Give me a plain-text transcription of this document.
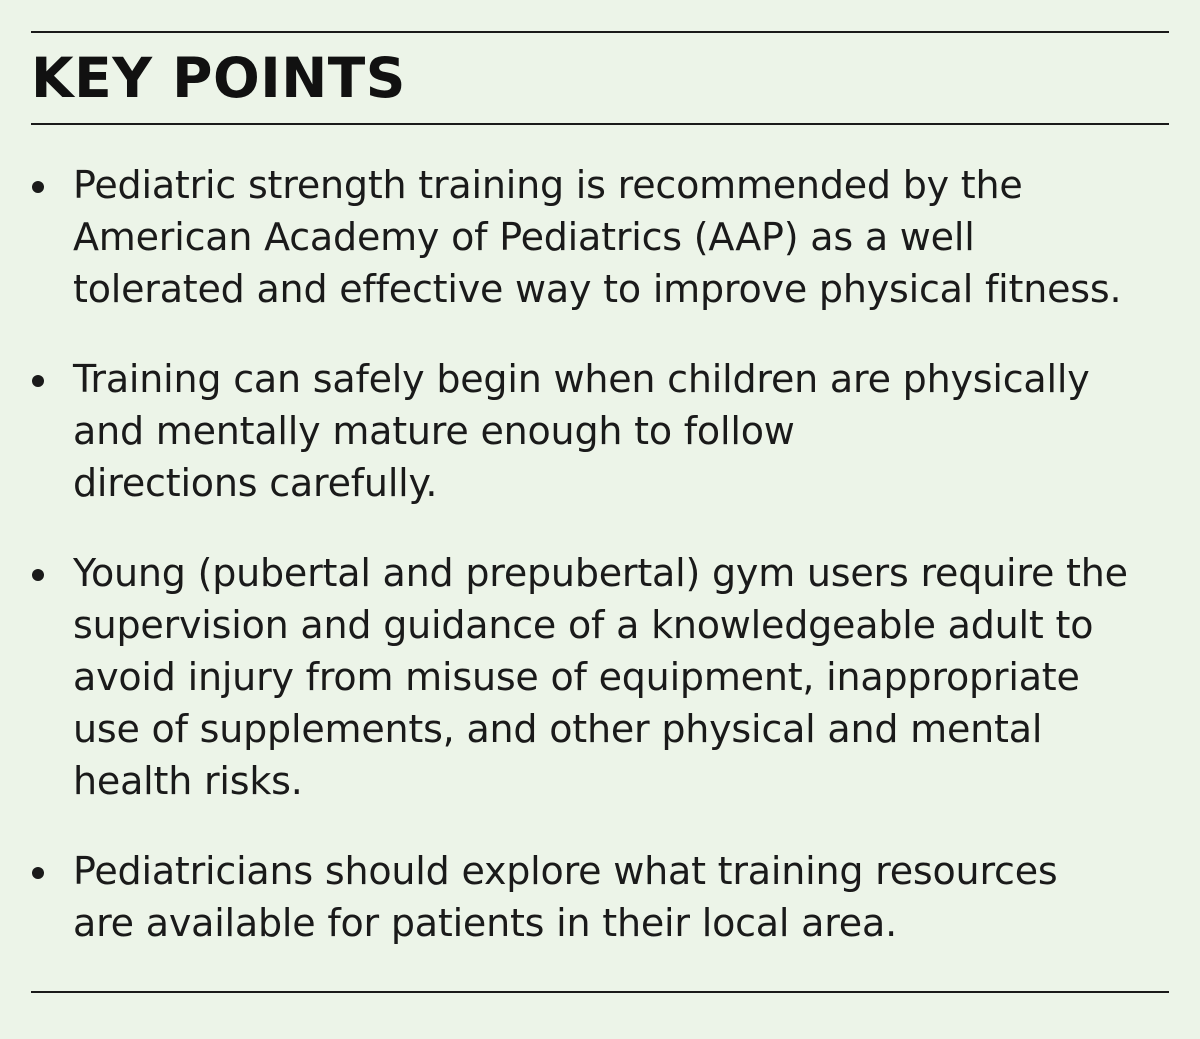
KEY POINTS
Pediatric strength training is recommended by the
American Academy of Pediatrics (AAP) as a well
tolerated and effective way to improve physical fitness.
Training can safely begin when children are physically
and mentally mature enough to follow
directions carefully.
Young (pubertal and prepubertal) gym users require the
supervision and guidance of a knowledgeable adult to
avoid injury from misuse of equipment, inappropriate
use of supplements, and other physical and mental
health risks.
Pediatricians should explore what training resources
are available for patients in their local area.
